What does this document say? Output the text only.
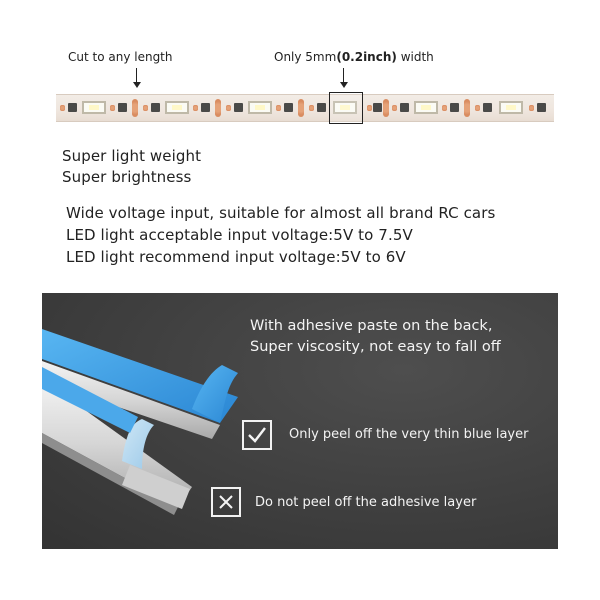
Cut to any length	Only 5mm(0.2inch) width
Super light weight
Super brightness
Wide voltage input, suitable for almost all brand RC cars
LED light acceptable input voltage:5V to 7.5V
LED light recommend input voltage:5V to 6V
With adhesive paste on the back,
Super viscosity, not easy to fall off
Only peel off the very thin blue layer
Do not peel off the adhesive layer
